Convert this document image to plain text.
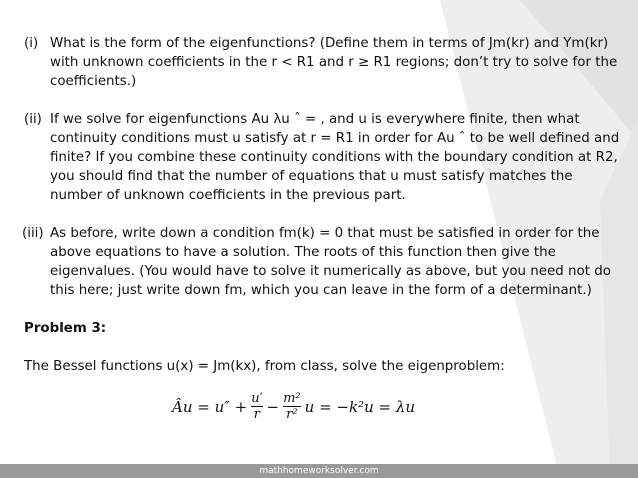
(i) What is the form of the eigenfunctions? (Define them in terms of Jm(kr) and Ym(kr) with unknown coefficients in the r < R1 and r ≥ R1 regions; don’t try to solve for the coefficients.)
(ii) If we solve for eigenfunctions Au λu ˆ = , and u is everywhere finite, then what continuity conditions must u satisfy at r = R1 in order for Au ˆ to be well defined and finite? If you combine these continuity conditions with the boundary condition at R2, you should find that the number of equations that u must satisfy matches the number of unknown coefficients in the previous part.
(iii) As before, write down a condition fm(k) = 0 that must be satisfied in order for the above equations to have a solution. The roots of this function then give the eigenvalues. (You would have to solve it numerically as above, but you need not do this here; just write down fm, which you can leave in the form of a determinant.)
Problem 3:
The Bessel functions u(x) = Jm(kx), from class, solve the eigenproblem:
Âu = $u'' + \frac{u'}{r} - \frac{\text{m²}}{\text{r²}}$ u = −k²u = λu
mathhomeworksolver.com
